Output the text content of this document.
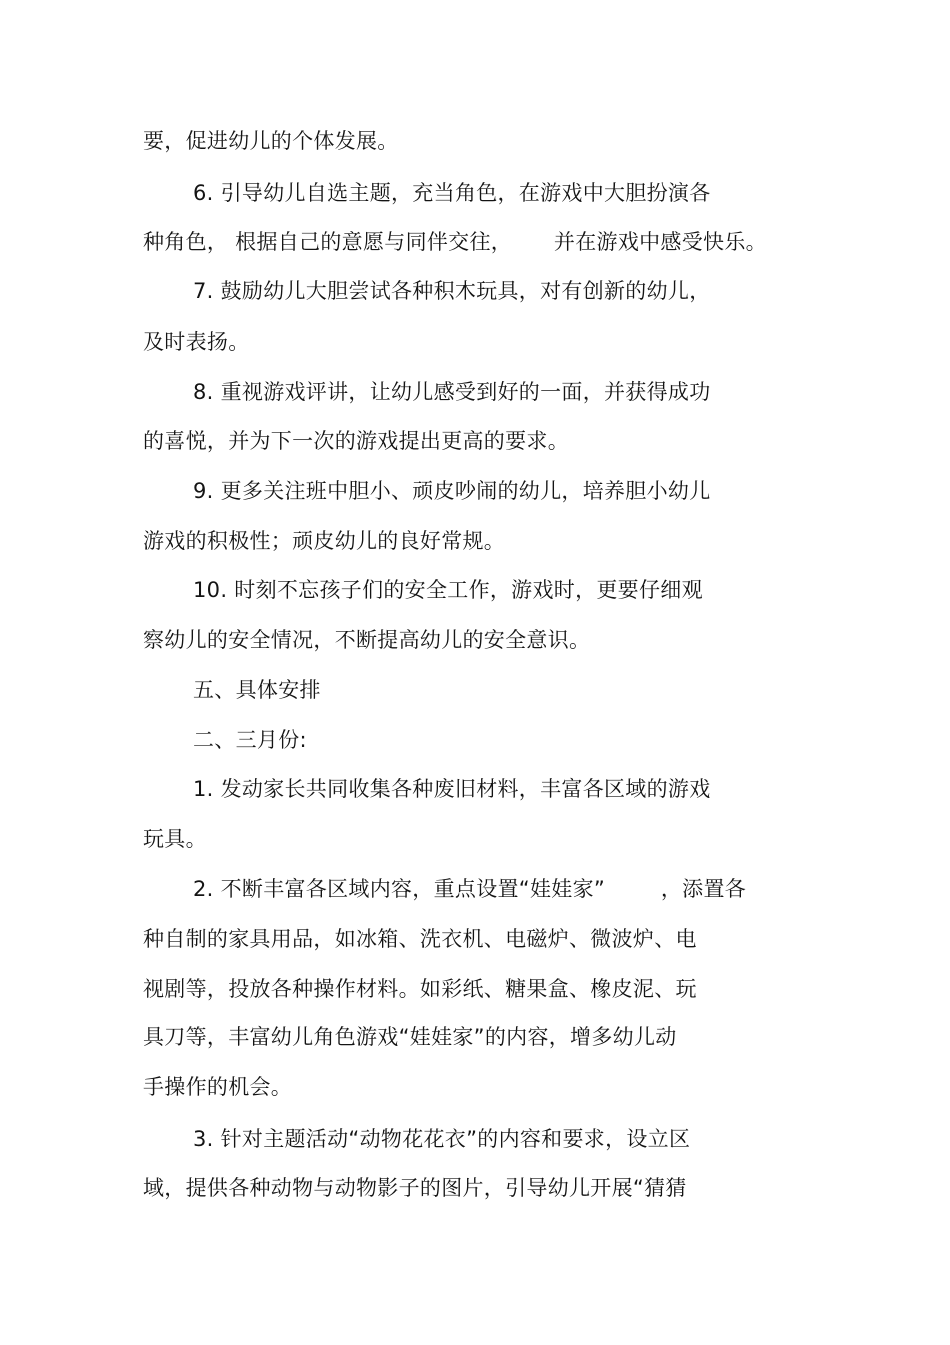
要，促进幼儿的个体发展。
6. 引导幼儿自选主题，充当角色，在游戏中大胆扮演各
种角色， 根据自己的意愿与同伴交往，      并在游戏中感受快乐。
7. 鼓励幼儿大胆尝试各种积木玩具，对有创新的幼儿，
及时表扬。
8. 重视游戏评讲，让幼儿感受到好的一面，并获得成功
的喜悦，并为下一次的游戏提出更高的要求。
9. 更多关注班中胆小、顽皮吵闹的幼儿，培养胆小幼儿
游戏的积极性；顽皮幼儿的良好常规。
10. 时刻不忘孩子们的安全工作，游戏时，更要仔细观
察幼儿的安全情况，不断提高幼儿的安全意识。
五、具体安排
二、三月份:
1. 发动家长共同收集各种废旧材料，丰富各区域的游戏
玩具。
2. 不断丰富各区域内容，重点设置“娃娃家”        ，添置各
种自制的家具用品，如冰箱、洗衣机、电磁炉、微波炉、电
视剧等，投放各种操作材料。如彩纸、糖果盒、橡皮泥、玩
具刀等，丰富幼儿角色游戏“娃娃家”的内容，增多幼儿动
手操作的机会。
3. 针对主题活动“动物花花衣”的内容和要求，设立区
域，提供各种动物与动物影子的图片，引导幼儿开展“猜猜
